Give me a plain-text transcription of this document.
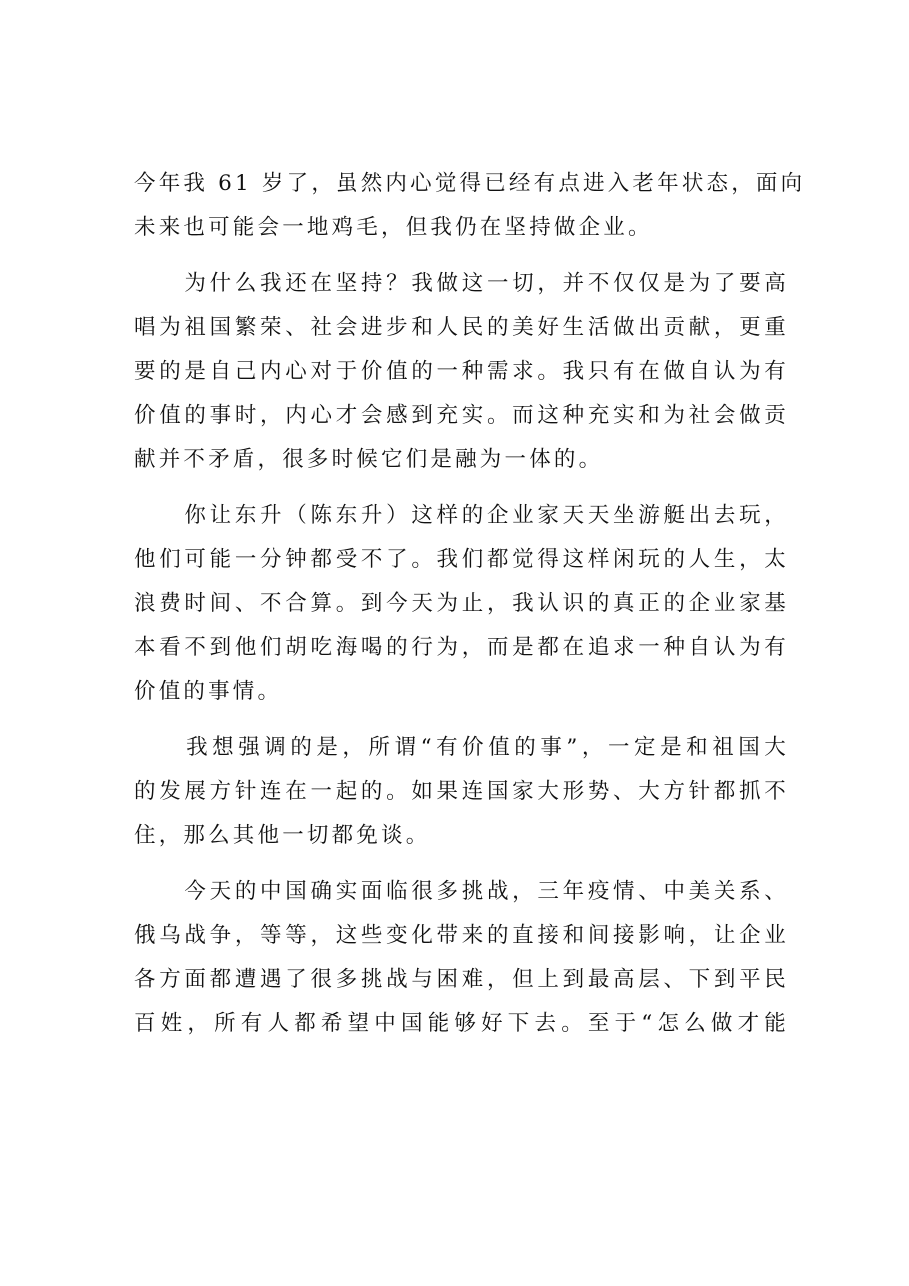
今年我 61 岁了，虽然内心觉得已经有点进入老年状态，面向
未来也可能会一地鸡毛，但我仍在坚持做企业。
　　为什么我还在坚持？我做这一切，并不仅仅是为了要高
唱为祖国繁荣、社会进步和人民的美好生活做出贡献，更重
要的是自己内心对于价值的一种需求。我只有在做自认为有
价值的事时，内心才会感到充实。而这种充实和为社会做贡
献并不矛盾，很多时候它们是融为一体的。
　　你让东升（陈东升）这样的企业家天天坐游艇出去玩，
他们可能一分钟都受不了。我们都觉得这样闲玩的人生，太
浪费时间、不合算。到今天为止，我认识的真正的企业家基
本看不到他们胡吃海喝的行为，而是都在追求一种自认为有
价值的事情。
　　我想强调的是，所谓“有价值的事”，一定是和祖国大
的发展方针连在一起的。如果连国家大形势、大方针都抓不
住，那么其他一切都免谈。
　　今天的中国确实面临很多挑战，三年疫情、中美关系、
俄乌战争，等等，这些变化带来的直接和间接影响，让企业
各方面都遭遇了很多挑战与困难，但上到最高层、下到平民
百姓，所有人都希望中国能够好下去。至于“怎么做才能
